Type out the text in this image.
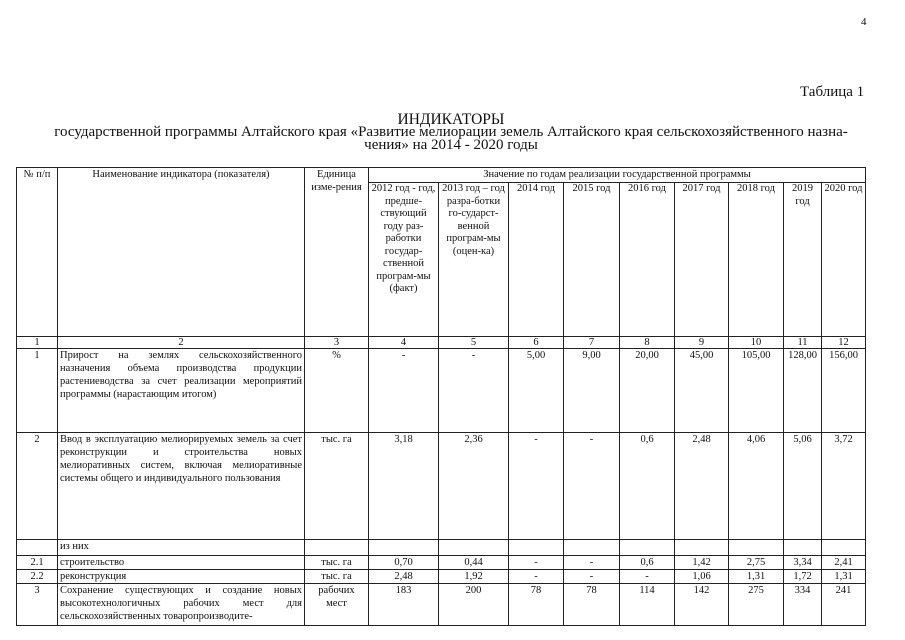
4
Таблица 1
ИНДИКАТОРЫ
государственной программы Алтайского края «Развитие мелиорации земель Алтайского края сельскохозяйственного назна-
чения» на 2014 - 2020 годы
№ п/п	Наименование индикатора (показателя)	Единица изме-рения	Значение по годам реализации государственной программы								
			2012 год - год, предше-ствующий году раз-работки государ-ственной програм-мы (факт)	2013 год – год разра-ботки го-сударст-венной програм-мы (оцен-ка)	2014 год	2015 год	2016 год	2017 год	2018 год	2019 год	2020 год
1	2	3	4	5	6	7	8	9	10	11	12
1	Прирост на землях сельскохозяйственного назначения объема производства продукции растениеводства за счет реализации мероприятий программы (нарастающим итогом)	%	-	-	5,00	9,00	20,00	45,00	105,00	128,00	156,00
2	Ввод в эксплуатацию мелиорируемых земель за счет реконструкции и строительства новых мелиоративных систем, включая мелиоративные системы общего и индивидуального пользования	тыс. га	3,18	2,36	-	-	0,6	2,48	4,06	5,06	3,72
	из них										
2.1	строительство	тыс. га	0,70	0,44	-	-	0,6	1,42	2,75	3,34	2,41
2.2	реконструкция	тыс. га	2,48	1,92	-	-	-	1,06	1,31	1,72	1,31
3	Сохранение существующих и создание новых высокотехнологичных рабочих мест для сельскохозяйственных товаропроизводите-	рабочих мест	183	200	78	78	114	142	275	334	241
